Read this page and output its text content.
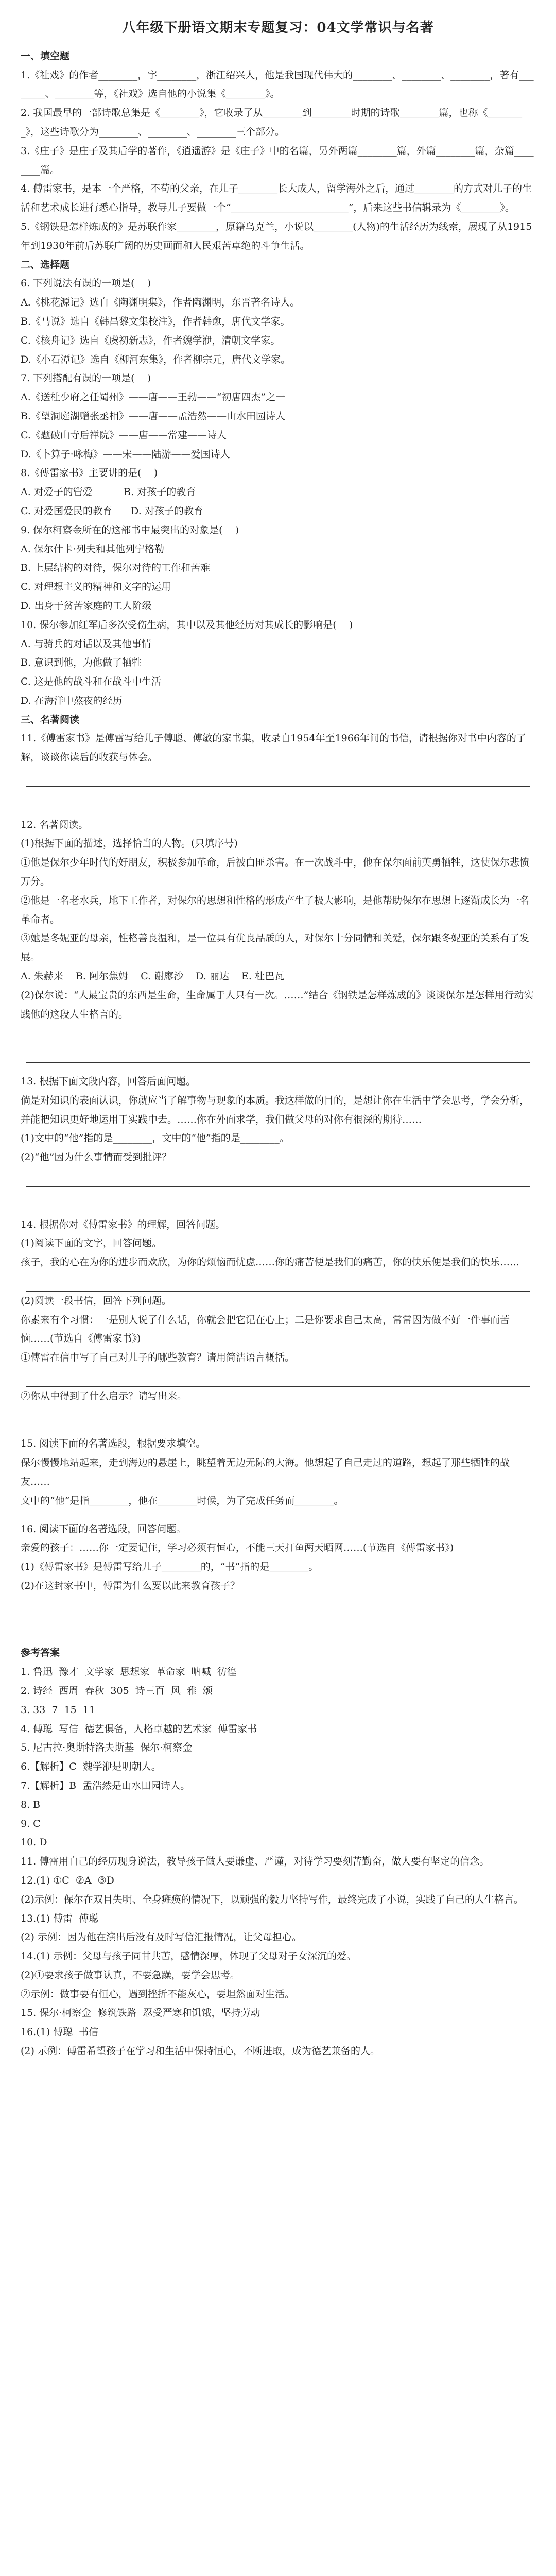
八年级下册语文期末专题复习：04文学常识与名著
一、填空题
1.《社戏》的作者________，字________，浙江绍兴人，他是我国现代伟大的________、________、________，著有________、________等，《社戏》选自他的小说集《________》。
2. 我国最早的一部诗歌总集是《________》，它收录了从________到________时期的诗歌________篇，也称《________》，这些诗歌分为________、________、________三个部分。
3.《庄子》是庄子及其后学的著作，《逍遥游》是《庄子》中的名篇，另外两篇________篇，外篇________篇，杂篇________篇。
4. 傅雷家书，是本一个严格，不苟的父亲，在儿子________长大成人，留学海外之后，通过________的方式对儿子的生活和艺术成长进行悉心指导，教导儿子要做一个“________________________”，后来这些书信辑录为《________》。
5.《钢铁是怎样炼成的》是苏联作家________，原籍乌克兰，小说以________(人物)的生活经历为线索，展现了从1915年到1930年前后苏联广阔的历史画面和人民艰苦卓绝的斗争生活。
二、选择题
6. 下列说法有误的一项是(    )
A.《桃花源记》选自《陶渊明集》，作者陶渊明，东晋著名诗人。
B.《马说》选自《韩昌黎文集校注》，作者韩愈，唐代文学家。
C.《核舟记》选自《虞初新志》，作者魏学洢，清朝文学家。
D.《小石潭记》选自《柳河东集》，作者柳宗元，唐代文学家。
7. 下列搭配有误的一项是(    )
A.《送杜少府之任蜀州》——唐——王勃——“初唐四杰”之一
B.《望洞庭湖赠张丞相》——唐——孟浩然——山水田园诗人
C.《题破山寺后禅院》——唐——常建——诗人
D.《卜算子·咏梅》——宋——陆游——爱国诗人
8.《傅雷家书》主要讲的是(    )
A. 对爱子的管爱          B. 对孩子的教育
C. 对爱国爱民的教育      D. 对孩子的教育
9. 保尔柯察金所在的这部书中最突出的对象是(    )
A. 保尔什卡·列夫和其他列宁格勒
B. 上层结构的对待，保尔对待的工作和苦难
C. 对理想主义的精神和文字的运用
D. 出身于贫苦家庭的工人阶级
10. 保尔参加红军后多次受伤生病，其中以及其他经历对其成长的影响是(    )
A. 与骑兵的对话以及其他事情
B. 意识到他，为他做了牺牲
C. 这是他的战斗和在战斗中生活
D. 在海洋中熬夜的经历
三、名著阅读
11.《傅雷家书》是傅雷写给儿子傅聪、傅敏的家书集，收录自1954年至1966年间的书信，请根据你对书中内容的了解，谈谈你读后的收获与体会。
12. 名著阅读。
(1)根据下面的描述，选择恰当的人物。(只填序号)
①他是保尔少年时代的好朋友，积极参加革命，后被白匪杀害。在一次战斗中，他在保尔面前英勇牺牲，这使保尔悲愤万分。
②他是一名老水兵，地下工作者，对保尔的思想和性格的形成产生了极大影响，是他帮助保尔在思想上逐渐成长为一名革命者。
③她是冬妮亚的母亲，性格善良温和，是一位具有优良品质的人，对保尔十分同情和关爱，保尔跟冬妮亚的关系有了发展。
A. 朱赫来    B. 阿尔焦姆    C. 谢廖沙    D. 丽达    E. 杜巴瓦
(2)保尔说：“人最宝贵的东西是生命，生命属于人只有一次。……”结合《钢铁是怎样炼成的》谈谈保尔是怎样用行动实践他的这段人生格言的。
13. 根据下面文段内容，回答后面问题。
倘是对知识的表面认识，你就应当了解事物与现象的本质。我这样做的目的，是想让你在生活中学会思考，学会分析，并能把知识更好地运用于实践中去。……你在外面求学，我们做父母的对你有很深的期待……
(1)文中的“他”指的是________，文中的“他”指的是________。
(2)“他”因为什么事情而受到批评？
14. 根据你对《傅雷家书》的理解，回答问题。
(1)阅读下面的文字，回答问题。
孩子，我的心在为你的进步而欢欣，为你的烦恼而忧虑……你的痛苦便是我们的痛苦，你的快乐便是我们的快乐……
(2)阅读一段书信，回答下列问题。
你素来有个习惯：一是别人说了什么话，你就会把它记在心上；二是你要求自己太高，常常因为做不好一件事而苦恼……(节选自《傅雷家书》)
①傅雷在信中写了自己对儿子的哪些教育？请用简洁语言概括。
②你从中得到了什么启示？请写出来。
15. 阅读下面的名著选段，根据要求填空。
保尔慢慢地站起来，走到海边的悬崖上，眺望着无边无际的大海。他想起了自己走过的道路，想起了那些牺牲的战友……
文中的“他”是指________，他在________时候，为了完成任务而________。
16. 阅读下面的名著选段，回答问题。
亲爱的孩子：……你一定要记住，学习必须有恒心，不能三天打鱼两天晒网……(节选自《傅雷家书》)
(1)《傅雷家书》是傅雷写给儿子________的，“书”指的是________。
(2)在这封家书中，傅雷为什么要以此来教育孩子？
参考答案
1. 鲁迅  豫才  文学家  思想家  革命家  呐喊  彷徨
2. 诗经  西周  春秋  305  诗三百  风  雅  颂
3. 33  7  15  11
4. 傅聪  写信  德艺俱备，人格卓越的艺术家  傅雷家书
5. 尼古拉·奥斯特洛夫斯基  保尔·柯察金
6.【解析】C  魏学洢是明朝人。
7.【解析】B  孟浩然是山水田园诗人。
8. B
9. C
10. D
11. 傅雷用自己的经历现身说法，教导孩子做人要谦虚、严谨，对待学习要刻苦勤奋，做人要有坚定的信念。
12.(1) ①C  ②A  ③D
(2)示例：保尔在双目失明、全身瘫痪的情况下，以顽强的毅力坚持写作，最终完成了小说，实践了自己的人生格言。
13.(1) 傅雷  傅聪
(2) 示例：因为他在演出后没有及时写信汇报情况，让父母担心。
14.(1) 示例：父母与孩子同甘共苦，感情深厚，体现了父母对子女深沉的爱。
(2)①要求孩子做事认真，不要急躁，要学会思考。
②示例：做事要有恒心，遇到挫折不能灰心，要坦然面对生活。
15. 保尔·柯察金  修筑铁路  忍受严寒和饥饿，坚持劳动
16.(1) 傅聪  书信
(2) 示例：傅雷希望孩子在学习和生活中保持恒心，不断进取，成为德艺兼备的人。
